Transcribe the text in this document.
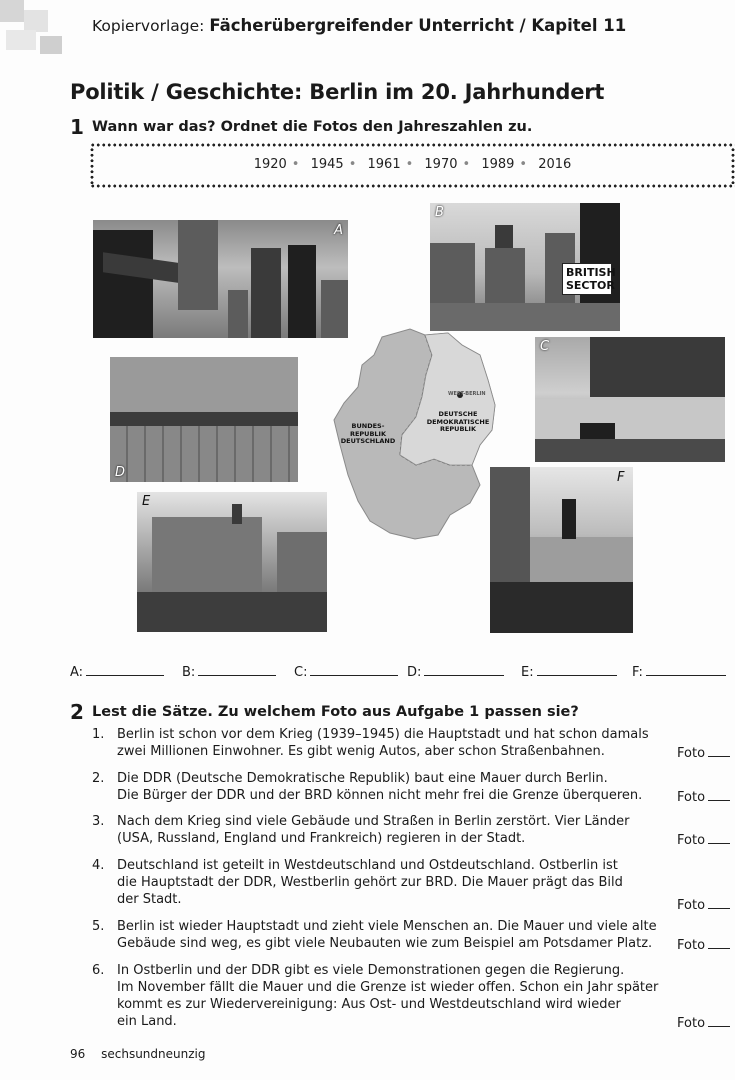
Kopiervorlage: Fächerübergreifender Unterricht / Kapitel 11
Politik / Geschichte: Berlin im 20. Jahrhundert
1 Wann war das? Ordnet die Fotos den Jahreszahlen zu.
1920 • 1945 • 1961 • 1970 • 1989 • 2016
A
BRITISH SECTOR
B
C
D
E
F
WEST-BERLIN
DEUTSCHE
DEMOKRATISCHE
REPUBLIK
BUNDES-
REPUBLIK
DEUTSCHLAND
A:	B:	C:	D:	E:	F:
2 Lest die Sätze. Zu welchem Foto aus Aufgabe 1 passen sie?
1. Berlin ist schon vor dem Krieg (1939–1945) die Hauptstadt und hat schon damals
zwei Millionen Einwohner. Es gibt wenig Autos, aber schon Straßenbahnen.	Foto
2. Die DDR (Deutsche Demokratische Republik) baut eine Mauer durch Berlin.
Die Bürger der DDR und der BRD können nicht mehr frei die Grenze überqueren.	Foto
3. Nach dem Krieg sind viele Gebäude und Straßen in Berlin zerstört. Vier Länder
(USA, Russland, England und Frankreich) regieren in der Stadt.	Foto
4. Deutschland ist geteilt in Westdeutschland und Ostdeutschland. Ostberlin ist
die Hauptstadt der DDR, Westberlin gehört zur BRD. Die Mauer prägt das Bild
der Stadt.	Foto
5. Berlin ist wieder Hauptstadt und zieht viele Menschen an. Die Mauer und viele alte
Gebäude sind weg, es gibt viele Neubauten wie zum Beispiel am Potsdamer Platz.	Foto
6. In Ostberlin und der DDR gibt es viele Demonstrationen gegen die Regierung.
Im November fällt die Mauer und die Grenze ist wieder offen. Schon ein Jahr später
kommt es zur Wiedervereinigung: Aus Ost- und Westdeutschland wird wieder
ein Land.	Foto
96 sechsundneunzig
